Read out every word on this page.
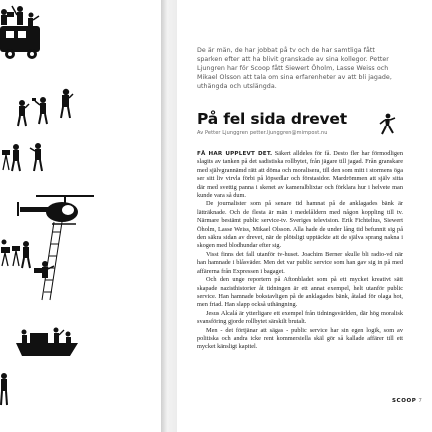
De är män, de har jobbat på tv och de har samtliga fått sparken efter att ha blivit granskade av sina kollegor. Petter Ljungren har för Scoop fått Siewert Öholm, Lasse Weiss och Mikael Olsson att tala om sina erfarenheter av att bli jagade, uthängda och utslängda.
På fel sida drevet
Av Petter Ljunggren petter.ljunggren@mimpost.nu

FÅ HAR UPPLEVT DET. Säkert alldeles för få. Desto fler har förmodligen slagits av tanken på det sadistiska rollbytet, från jägare till jagad. Från granskare med självgrannämd rätt att döma och moralisera, till den som mitt i stormens öga ser sitt liv virvla förbi på löpsedlar och förstasidor. Mardrömmen att själv sitta där med svettig panna i skenet av kameralblixtar och förklara hur i helvete man kunde vara så dum.

De journalister som på senare tid hamnat på de anklagades bänk är lätträknade. Och de flesta är män i medelåldern med någon koppling till tv. Närmare bestämt public service-tv. Sveriges television. Erik Fichtelius, Siewert Öholm, Lasse Weiss, Mikael Olsson. Alla hade de under lång tid befunnit sig på den säkra sidan av drevet, när de plötsligt upptäckte att de själva sprang nakna i skogen med blodhundar efter sig.

Visst finns det fall utanför tv-huset. Joachim Berner skulle bli radio-vd när han hamnade i blåsväder. Men det var public service som han gav sig in på med affärerna från Expressen i bagaget.

Och den unge reportern på Aftonbladet som på ett mycket kreativt sätt skapade nazisthistorier åt tidningen är ett annat exempel, helt utanför public service. Han hamnade bokstavligen på de anklagades bänk, åtalad för olaga hot, men friad. Han slapp också uthängning.

Jesus Alcalá är ytterligare ett exempel från tidningsvärlden, där hög moralisk svansföring gjorde rollbytet särskilt brutalt.

Men - det förtjänar att sägas - public service har sin egen logik, som av politiska och andra icke rent kommersiella skäl gör så kallade affärer till ett mycket känsligt kapitel.

SCOOP 7
